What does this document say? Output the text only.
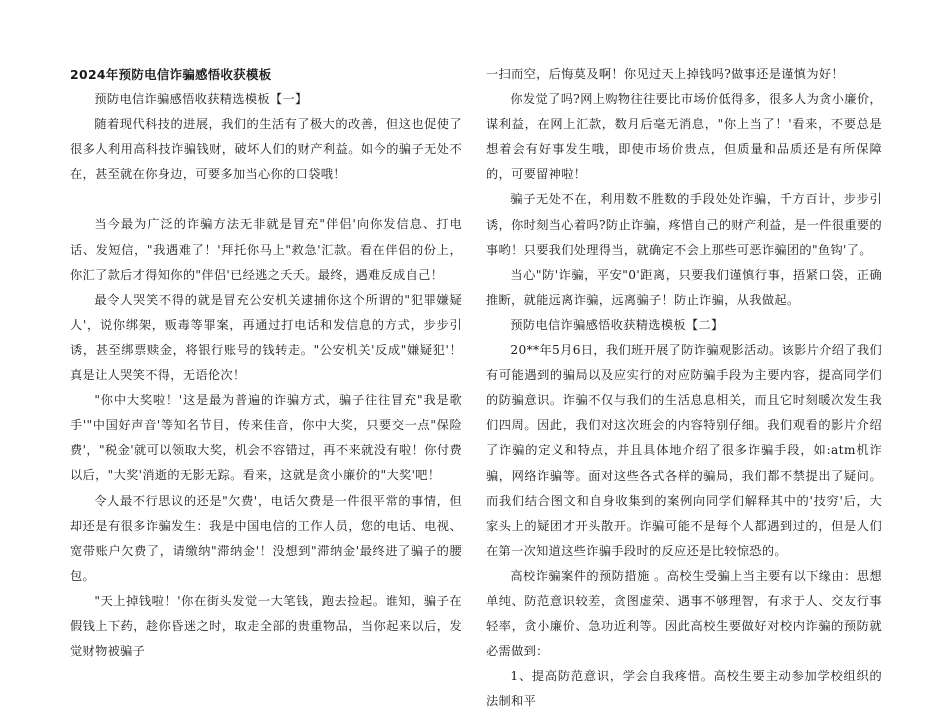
2024年预防电信诈骗感悟收获模板

预防电信诈骗感悟收获精选模板【一】

随着现代科技的进展，我们的生活有了极大的改善，但这也促使了很多人利用高科技诈骗钱财，破坏人们的财产利益。如今的骗子无处不在，甚至就在你身边，可要多加当心你的口袋哦！

当今最为广泛的诈骗方法无非就是冒充"伴侣'向你发信息、打电话、发短信，"我遇难了！'拜托你马上"救急'汇款。看在伴侣的份上，你汇了款后才得知你的"伴侣'已经逃之夭夭。最终，遇难反成自己！

最令人哭笑不得的就是冒充公安机关逮捕你这个所谓的"犯罪嫌疑人'，说你绑架，贩毒等罪案，再通过打电话和发信息的方式，步步引诱，甚至绑票赎金，将银行账号的钱转走。"公安机关'反成"嫌疑犯'！真是让人哭笑不得，无语伦次！

"你中大奖啦！'这是最为普遍的诈骗方式，骗子往往冒充"我是歌手'"中国好声音'等知名节目，传来佳音，你中大奖，只要交一点"保险费'，"税金'就可以领取大奖，机会不容错过，再不来就没有啦！你付费以后，"大奖'消逝的无影无踪。看来，这就是贪小廉价的"大奖'吧！

令人最不行思议的还是"欠费'，电话欠费是一件很平常的事情，但却还是有很多诈骗发生：我是中国电信的工作人员，您的电话、电视、宽带账户欠费了，请缴纳"滞纳金'！没想到"滞纳金'最终进了骗子的腰包。

"天上掉钱啦！'你在街头发觉一大笔钱，跑去捡起。谁知，骗子在假钱上下药，趁你昏迷之时，取走全部的贵重物品，当你起来以后，发觉财物被骗子

一扫而空，后悔莫及啊！你见过天上掉钱吗?做事还是谨慎为好！

你发觉了吗?网上购物往往要比市场价低得多，很多人为贪小廉价，谋利益，在网上汇款，数月后毫无消息，"你上当了！'看来，不要总是想着会有好事发生哦，即使市场价贵点，但质量和品质还是有所保障的，可要留神啦！

骗子无处不在，利用数不胜数的手段处处诈骗，千方百计，步步引诱，你时刻当心着吗?防止诈骗，疼惜自己的财产利益，是一件很重要的事哟！只要我们处理得当，就确定不会上那些可恶诈骗团的"鱼钩'了。

当心"防'诈骗，平安"0'距离，只要我们谨慎行事，捂紧口袋，正确推断，就能远离诈骗，远离骗子！防止诈骗，从我做起。

预防电信诈骗感悟收获精选模板【二】

20**年5月6日，我们班开展了防诈骗观影活动。该影片介绍了我们有可能遇到的骗局以及应实行的对应防骗手段为主要内容，提高同学们的防骗意识。诈骗不仅与我们的生活息息相关，而且它时刻暖次发生我们四周。因此，我们对这次班会的内容特别仔细。我们观看的影片介绍了诈骗的定义和特点，并且具体地介绍了很多诈骗手段，如:atm机诈骗，网络诈骗等。面对这些各式各样的骗局，我们都不禁提出了疑问。而我们结合图文和自身收集到的案例向同学们解释其中的'技穷'后，大家头上的疑团才开头散开。诈骗可能不是每个人都遇到过的，但是人们在第一次知道这些诈骗手段时的反应还是比较惊恐的。

高校诈骗案件的预防措施 。高校生受骗上当主要有以下缘由：思想单纯、防范意识较差，贪图虚荣、遇事不够理智，有求于人、交友行事轻率，贪小廉价、急功近利等。因此高校生要做好对校内诈骗的预防就必需做到：

1、提高防范意识，学会自我疼惜。高校生要主动参加学校组织的法制和平
